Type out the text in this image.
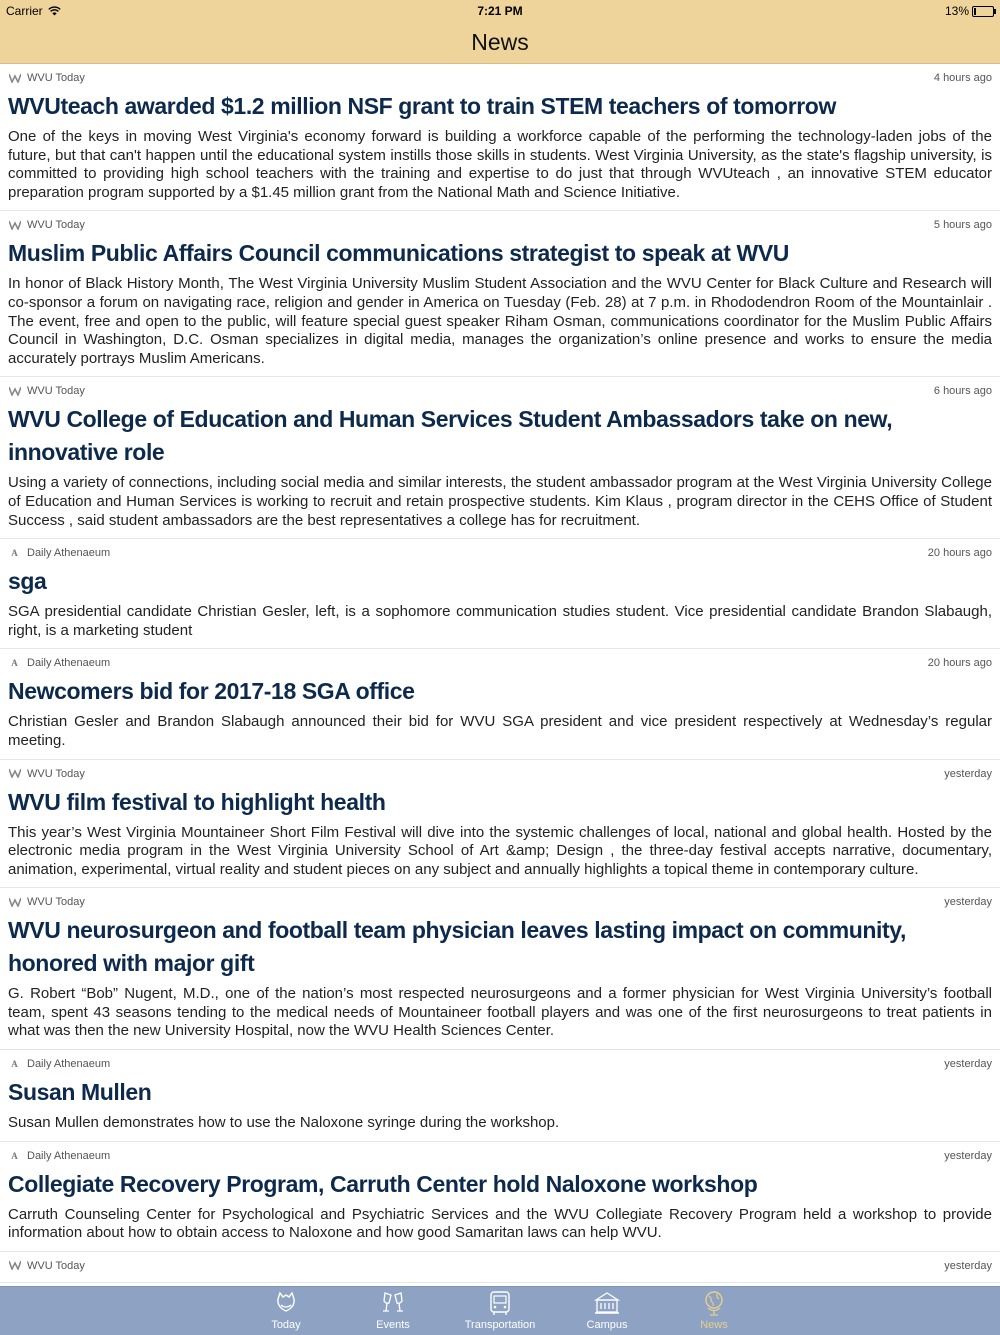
Carrier	7:21 PM	13%
News
WVU Today	4 hours ago
WVUteach awarded $1.2 million NSF grant to train STEM teachers of tomorrow

One of the keys in moving West Virginia's economy forward is building a workforce capable of the performing the technology-laden jobs of the future, but that can't happen until the educational system instills those skills in students. West Virginia University, as the state's flagship university, is committed to providing high school teachers with the training and expertise to do just that through WVUteach , an innovative STEM educator preparation program supported by a $1.45 million grant from the National Math and Science Initiative.

WVU Today	5 hours ago
Muslim Public Affairs Council communications strategist to speak at WVU

In honor of Black History Month, The West Virginia University Muslim Student Association and the WVU Center for Black Culture and Research will co-sponsor a forum on navigating race, religion and gender in America on Tuesday (Feb. 28) at 7 p.m. in Rhododendron Room of the Mountainlair . The event, free and open to the public, will feature special guest speaker Riham Osman, communications coordinator for the Muslim Public Affairs Council in Washington, D.C. Osman specializes in digital media, manages the organization’s online presence and works to ensure the media accurately portrays Muslim Americans.

WVU Today	6 hours ago
WVU College of Education and Human Services Student Ambassadors take on new, innovative role

Using a variety of connections, including social media and similar interests, the student ambassador program at the West Virginia University College of Education and Human Services is working to recruit and retain prospective students. Kim Klaus , program director in the CEHS Office of Student Success , said student ambassadors are the best representatives a college has for recruitment.

A Daily Athenaeum	20 hours ago
sga

SGA presidential candidate Christian Gesler, left, is a sophomore communication studies student. Vice presidential candidate Brandon Slabaugh, right, is a marketing student

A Daily Athenaeum	20 hours ago
Newcomers bid for 2017-18 SGA office

Christian Gesler and Brandon Slabaugh announced their bid for WVU SGA president and vice president respectively at Wednesday’s regular meeting.

WVU Today	yesterday
WVU film festival to highlight health

This year’s West Virginia Mountaineer Short Film Festival will dive into the systemic challenges of local, national and global health. Hosted by the electronic media program in the West Virginia University School of Art &amp; Design , the three-day festival accepts narrative, documentary, animation, experimental, virtual reality and student pieces on any subject and annually highlights a topical theme in contemporary culture.

WVU Today	yesterday
WVU neurosurgeon and football team physician leaves lasting impact on community, honored with major gift

G. Robert “Bob” Nugent, M.D., one of the nation’s most respected neurosurgeons and a former physician for West Virginia University’s football team, spent 43 seasons tending to the medical needs of Mountaineer football players and was one of the first neurosurgeons to treat patients in what was then the new University Hospital, now the WVU Health Sciences Center.

A Daily Athenaeum	yesterday
Susan Mullen

Susan Mullen demonstrates how to use the Naloxone syringe during the workshop.

A Daily Athenaeum	yesterday
Collegiate Recovery Program, Carruth Center hold Naloxone workshop

Carruth Counseling Center for Psychological and Psychiatric Services and the WVU Collegiate Recovery Program held a workshop to provide information about how to obtain access to Naloxone and how good Samaritan laws can help WVU.

WVU Today	yesterday
Today	Events	Transportation	Campus	News
